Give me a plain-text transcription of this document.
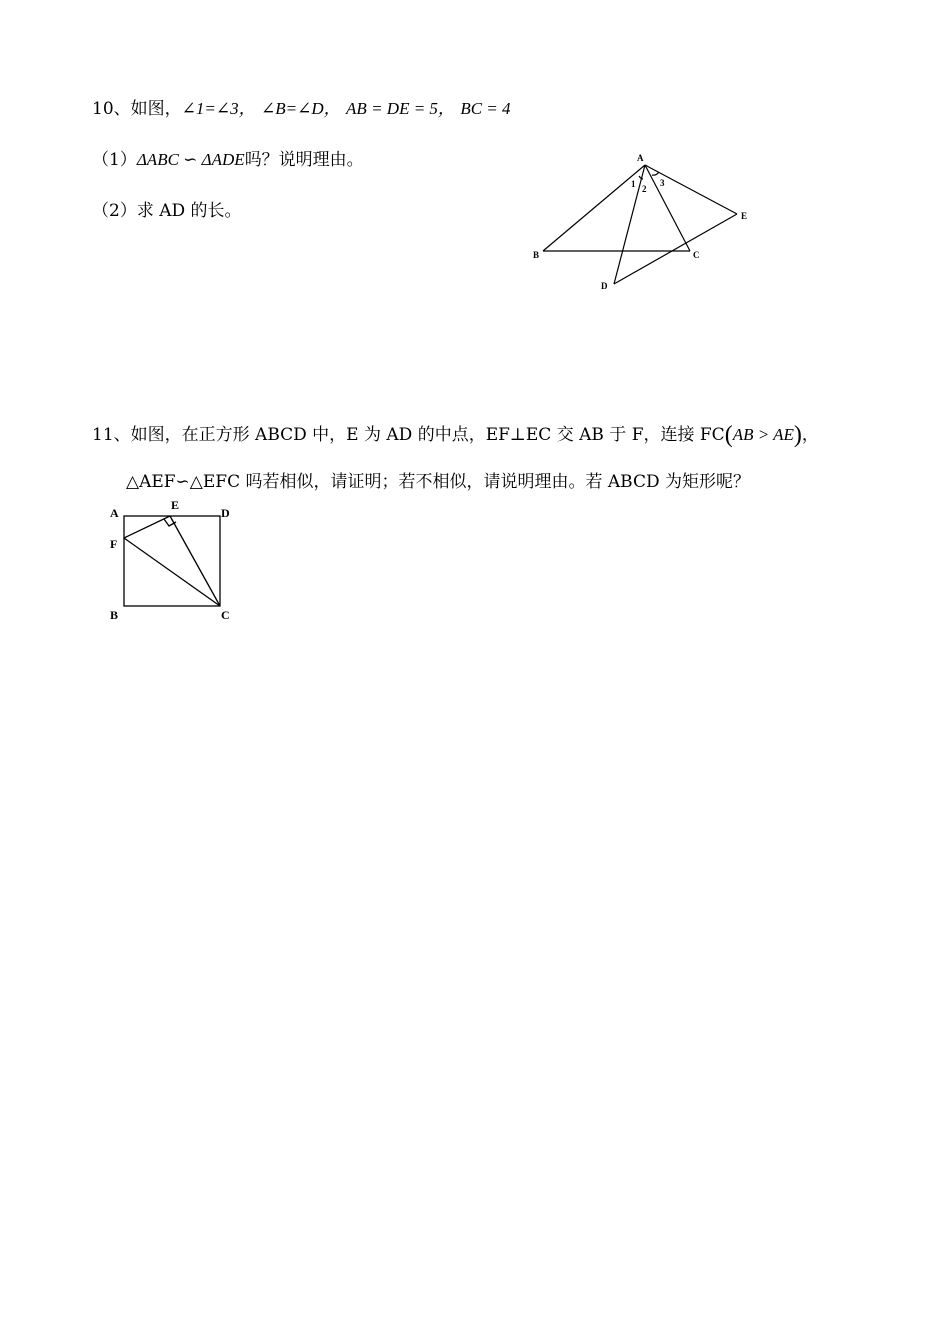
10、如图，∠1=∠3， ∠B=∠D， AB = DE = 5， BC = 4
（1）ΔABC ∽ ΔADE吗？说明理由。
（2）求 AD 的长。
A
B	C
D
E
1 2
3
11、如图，在正方形 ABCD 中，E 为 AD 的中点，EF⊥EC 交 AB 于 F，连接 FC(AB > AE)，
△AEF∽△EFC 吗若相似，请证明；若不相似，请说明理由。若 ABCD 为矩形呢？
A
E
D
F
B	C
